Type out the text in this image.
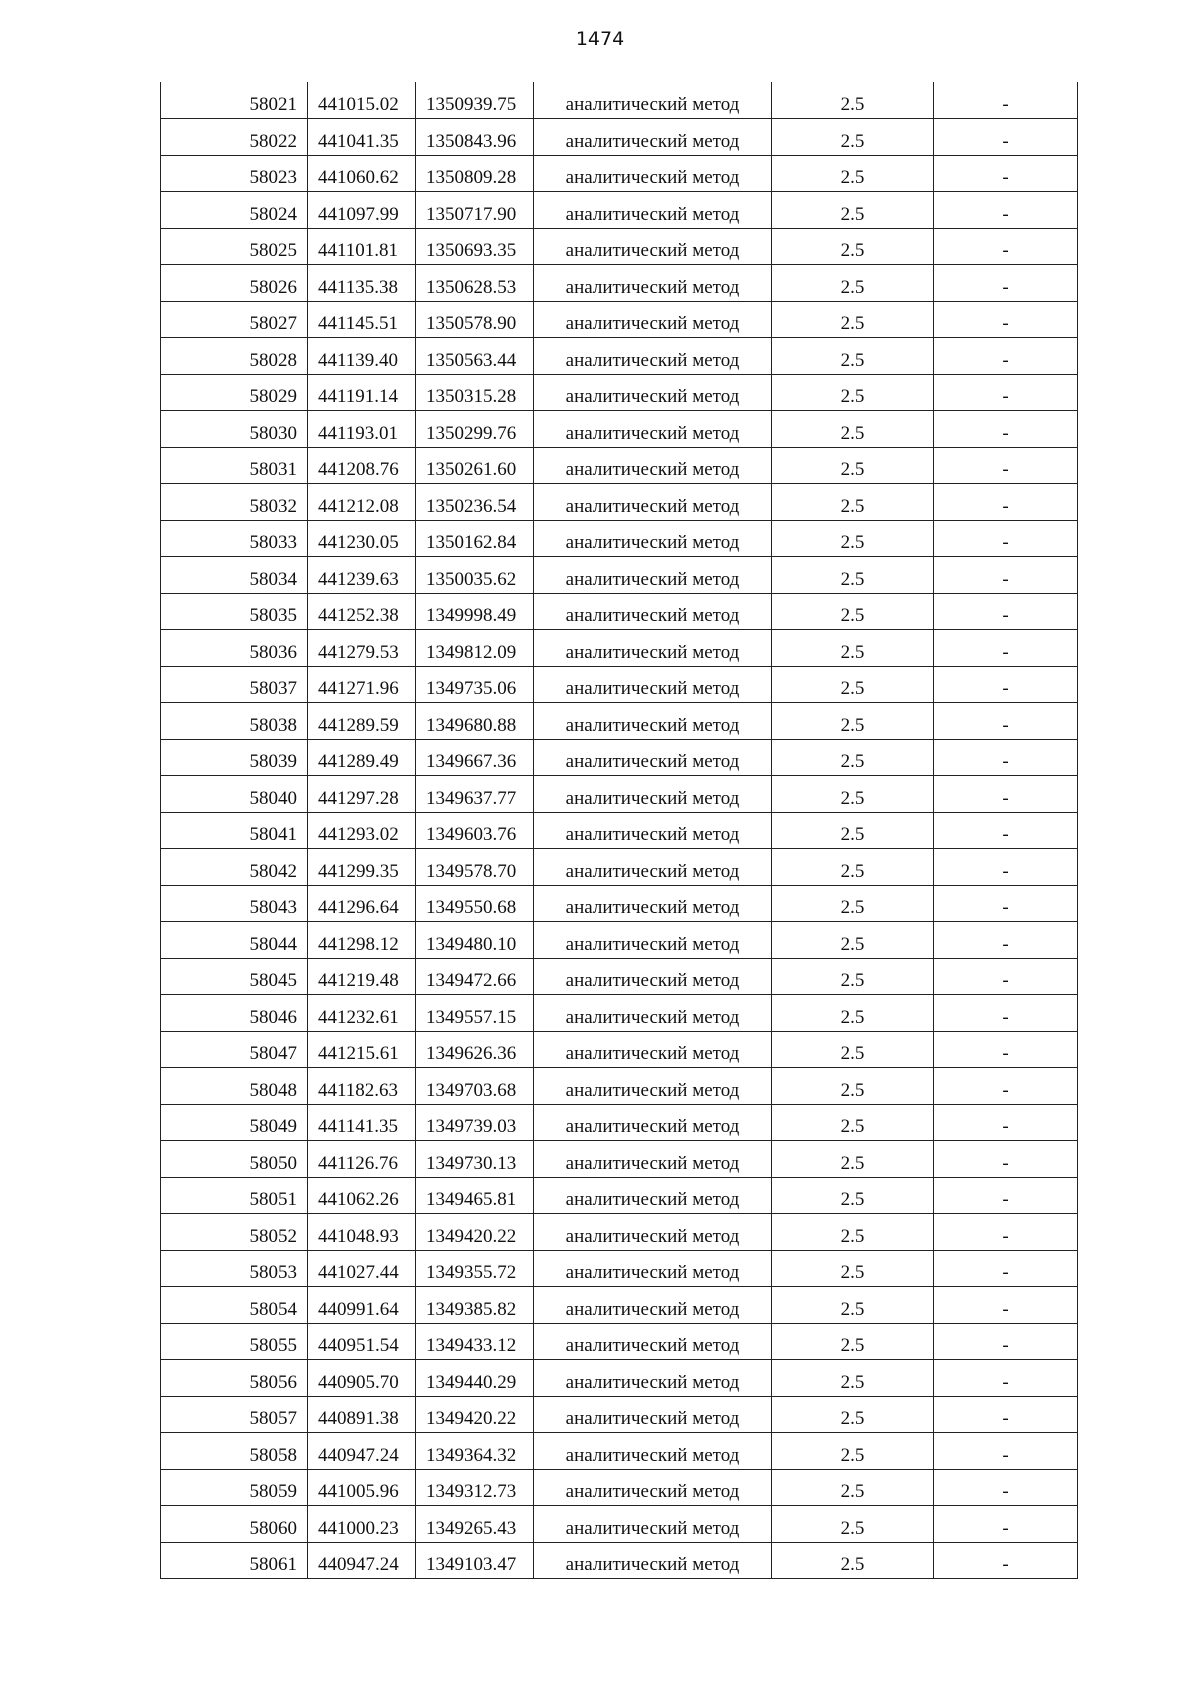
1474
58021	441015.02	1350939.75	аналитический метод	2.5	-
58022	441041.35	1350843.96	аналитический метод	2.5	-
58023	441060.62	1350809.28	аналитический метод	2.5	-
58024	441097.99	1350717.90	аналитический метод	2.5	-
58025	441101.81	1350693.35	аналитический метод	2.5	-
58026	441135.38	1350628.53	аналитический метод	2.5	-
58027	441145.51	1350578.90	аналитический метод	2.5	-
58028	441139.40	1350563.44	аналитический метод	2.5	-
58029	441191.14	1350315.28	аналитический метод	2.5	-
58030	441193.01	1350299.76	аналитический метод	2.5	-
58031	441208.76	1350261.60	аналитический метод	2.5	-
58032	441212.08	1350236.54	аналитический метод	2.5	-
58033	441230.05	1350162.84	аналитический метод	2.5	-
58034	441239.63	1350035.62	аналитический метод	2.5	-
58035	441252.38	1349998.49	аналитический метод	2.5	-
58036	441279.53	1349812.09	аналитический метод	2.5	-
58037	441271.96	1349735.06	аналитический метод	2.5	-
58038	441289.59	1349680.88	аналитический метод	2.5	-
58039	441289.49	1349667.36	аналитический метод	2.5	-
58040	441297.28	1349637.77	аналитический метод	2.5	-
58041	441293.02	1349603.76	аналитический метод	2.5	-
58042	441299.35	1349578.70	аналитический метод	2.5	-
58043	441296.64	1349550.68	аналитический метод	2.5	-
58044	441298.12	1349480.10	аналитический метод	2.5	-
58045	441219.48	1349472.66	аналитический метод	2.5	-
58046	441232.61	1349557.15	аналитический метод	2.5	-
58047	441215.61	1349626.36	аналитический метод	2.5	-
58048	441182.63	1349703.68	аналитический метод	2.5	-
58049	441141.35	1349739.03	аналитический метод	2.5	-
58050	441126.76	1349730.13	аналитический метод	2.5	-
58051	441062.26	1349465.81	аналитический метод	2.5	-
58052	441048.93	1349420.22	аналитический метод	2.5	-
58053	441027.44	1349355.72	аналитический метод	2.5	-
58054	440991.64	1349385.82	аналитический метод	2.5	-
58055	440951.54	1349433.12	аналитический метод	2.5	-
58056	440905.70	1349440.29	аналитический метод	2.5	-
58057	440891.38	1349420.22	аналитический метод	2.5	-
58058	440947.24	1349364.32	аналитический метод	2.5	-
58059	441005.96	1349312.73	аналитический метод	2.5	-
58060	441000.23	1349265.43	аналитический метод	2.5	-
58061	440947.24	1349103.47	аналитический метод	2.5	-
